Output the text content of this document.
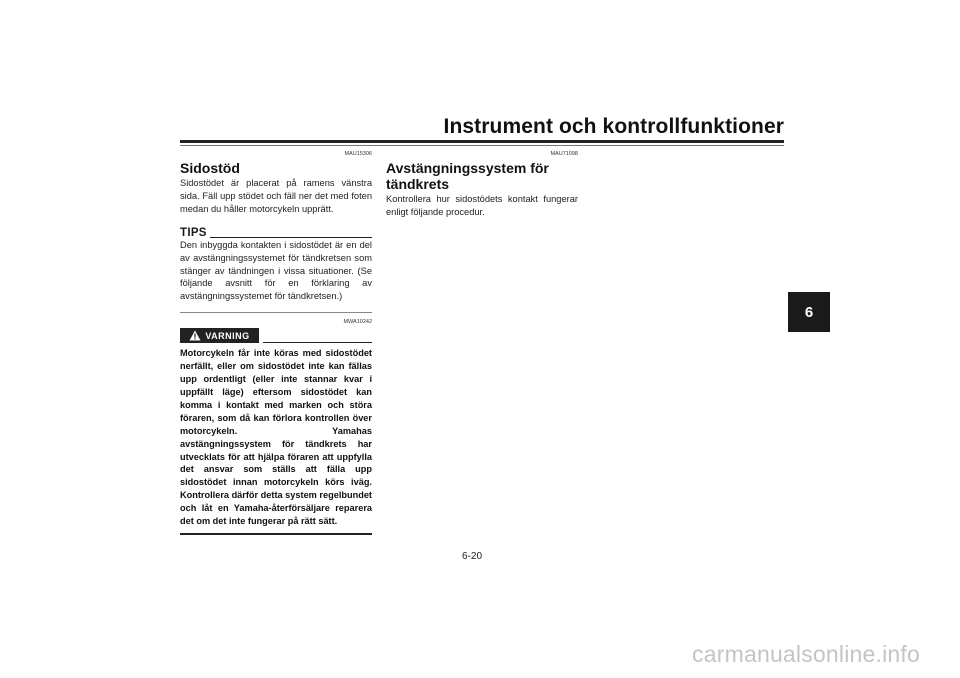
Instrument och kontrollfunktioner
6
MAU15306
Sidostöd

Sidostödet är placerat på ramens vänstra sida. Fäll upp stödet och fäll ner det med foten medan du håller motorcykeln upprätt.

TIPS

Den inbyggda kontakten i sidostödet är en del av avstängningssystemet för tändkretsen som stänger av tändningen i vissa situationer. (Se följande avsnitt för en förklaring av avstängningssystemet för tändkretsen.)

MWA10242
VARNING

Motorcykeln får inte köras med sidostödet nerfällt, eller om sidostödet inte kan fällas upp ordentligt (eller inte stannar kvar i uppfällt läge) eftersom sidostödet kan komma i kontakt med marken och störa föraren, som då kan förlora kontrollen över motorcykeln. Yamahas avstängningssystem för tändkrets har utvecklats för att hjälpa föraren att uppfylla det ansvar som ställs att fälla upp sidostödet innan motorcykeln körs iväg. Kontrollera därför detta system regelbundet och låt en Yamaha-återförsäljare reparera det om det inte fungerar på rätt sätt.

MAU71098
Avstängningssystem för tändkrets

Kontrollera hur sidostödets kontakt fungerar enligt följande procedur.

6-20
carmanualsonline.info
